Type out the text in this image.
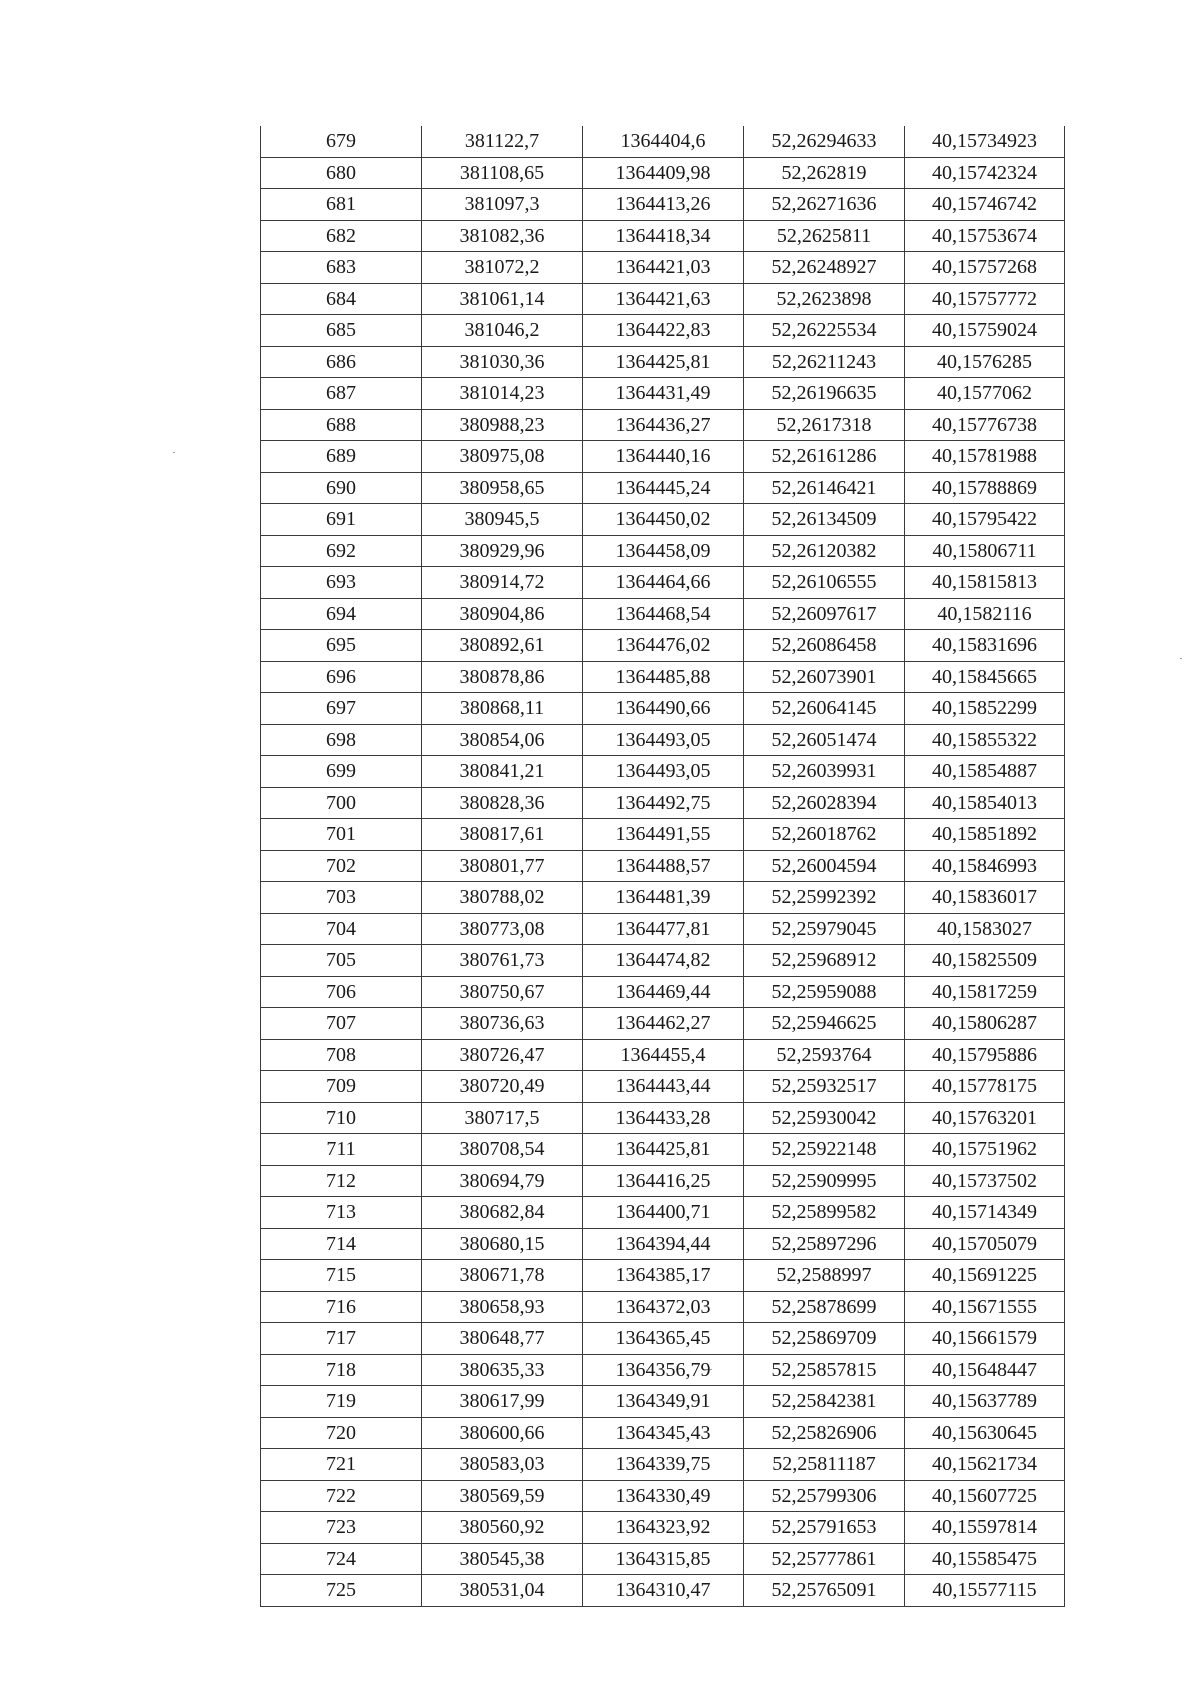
679	381122,7	1364404,6	52,26294633	40,15734923
680	381108,65	1364409,98	52,262819	40,15742324
681	381097,3	1364413,26	52,26271636	40,15746742
682	381082,36	1364418,34	52,2625811	40,15753674
683	381072,2	1364421,03	52,26248927	40,15757268
684	381061,14	1364421,63	52,2623898	40,15757772
685	381046,2	1364422,83	52,26225534	40,15759024
686	381030,36	1364425,81	52,26211243	40,1576285
687	381014,23	1364431,49	52,26196635	40,1577062
688	380988,23	1364436,27	52,2617318	40,15776738
689	380975,08	1364440,16	52,26161286	40,15781988
690	380958,65	1364445,24	52,26146421	40,15788869
691	380945,5	1364450,02	52,26134509	40,15795422
692	380929,96	1364458,09	52,26120382	40,15806711
693	380914,72	1364464,66	52,26106555	40,15815813
694	380904,86	1364468,54	52,26097617	40,1582116
695	380892,61	1364476,02	52,26086458	40,15831696
696	380878,86	1364485,88	52,26073901	40,15845665
697	380868,11	1364490,66	52,26064145	40,15852299
698	380854,06	1364493,05	52,26051474	40,15855322
699	380841,21	1364493,05	52,26039931	40,15854887
700	380828,36	1364492,75	52,26028394	40,15854013
701	380817,61	1364491,55	52,26018762	40,15851892
702	380801,77	1364488,57	52,26004594	40,15846993
703	380788,02	1364481,39	52,25992392	40,15836017
704	380773,08	1364477,81	52,25979045	40,1583027
705	380761,73	1364474,82	52,25968912	40,15825509
706	380750,67	1364469,44	52,25959088	40,15817259
707	380736,63	1364462,27	52,25946625	40,15806287
708	380726,47	1364455,4	52,2593764	40,15795886
709	380720,49	1364443,44	52,25932517	40,15778175
710	380717,5	1364433,28	52,25930042	40,15763201
711	380708,54	1364425,81	52,25922148	40,15751962
712	380694,79	1364416,25	52,25909995	40,15737502
713	380682,84	1364400,71	52,25899582	40,15714349
714	380680,15	1364394,44	52,25897296	40,15705079
715	380671,78	1364385,17	52,2588997	40,15691225
716	380658,93	1364372,03	52,25878699	40,15671555
717	380648,77	1364365,45	52,25869709	40,15661579
718	380635,33	1364356,79	52,25857815	40,15648447
719	380617,99	1364349,91	52,25842381	40,15637789
720	380600,66	1364345,43	52,25826906	40,15630645
721	380583,03	1364339,75	52,25811187	40,15621734
722	380569,59	1364330,49	52,25799306	40,15607725
723	380560,92	1364323,92	52,25791653	40,15597814
724	380545,38	1364315,85	52,25777861	40,15585475
725	380531,04	1364310,47	52,25765091	40,15577115
